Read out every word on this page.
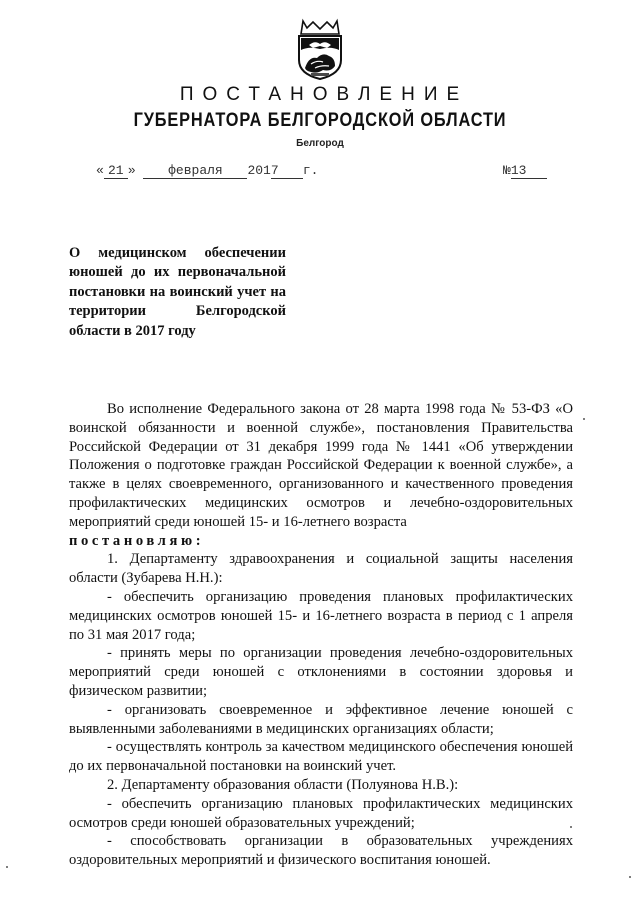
ПОСТАНОВЛЕНИЕ
ГУБЕРНАТОРА БЕЛГОРОДСКОЙ ОБЛАСТИ
Белгород
« 21 »	февраля 2017 г.	№13
О медицинском обеспечении юношей до их первоначальной постановки на воинский учет на территории Белгородской области в 2017 году

Во исполнение Федерального закона от 28 марта 1998 года № 53-ФЗ «О воинской обязанности и военной службе», постановления Правительства Российской Федерации от 31 декабря 1999 года № 1441 «Об утверждении Положения о подготовке граждан Российской Федерации к военной службе», а также в целях своевременного, организованного и качественного проведения профилактических медицинских осмотров и лечебно-оздоровительных мероприятий среди юношей 15- и 16-летнего возраста

постановляю:

1. Департаменту здравоохранения и социальной защиты населения области (Зубарева Н.Н.):

- обеспечить организацию проведения плановых профилактических медицинских осмотров юношей 15- и 16-летнего возраста в период с 1 апреля по 31 мая 2017 года;

- принять меры по организации проведения лечебно-оздоровительных мероприятий среди юношей с отклонениями в состоянии здоровья и физическом развитии;

- организовать своевременное и эффективное лечение юношей с выявленными заболеваниями в медицинских организациях области;

- осуществлять контроль за качеством медицинского обеспечения юношей до их первоначальной постановки на воинский учет.

2. Департаменту образования области (Полуянова Н.В.):

- обеспечить организацию плановых профилактических медицинских осмотров среди юношей образовательных учреждений;

- способствовать организации в образовательных учреждениях оздоровительных мероприятий и физического воспитания юношей.
